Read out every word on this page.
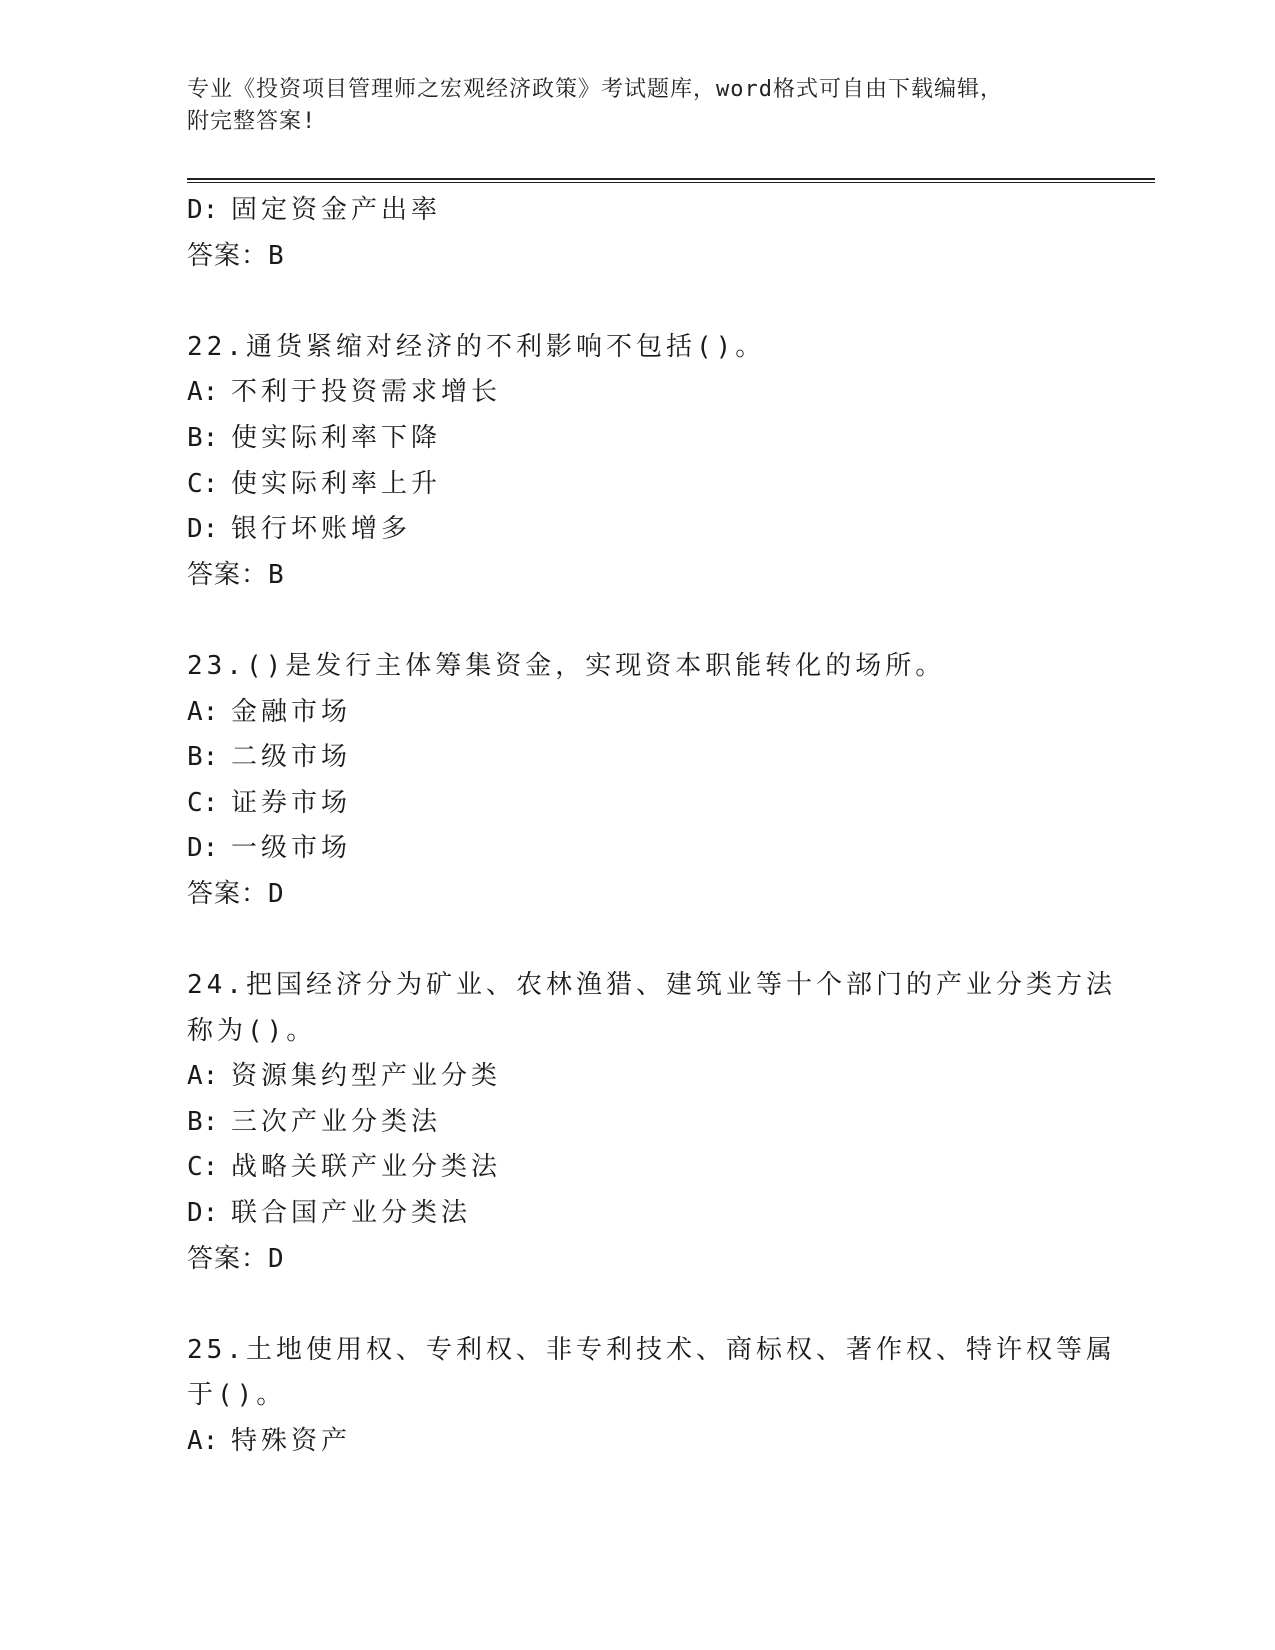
专业《投资项目管理师之宏观经济政策》考试题库，word格式可自由下载编辑，
附完整答案!
D: 固定资金产出率
答案：B
22.通货紧缩对经济的不利影响不包括()。
A: 不利于投资需求增长
B: 使实际利率下降
C: 使实际利率上升
D: 银行坏账增多
答案：B
23.()是发行主体筹集资金，实现资本职能转化的场所。
A: 金融市场
B: 二级市场
C: 证券市场
D: 一级市场
答案：D
24.把国经济分为矿业、农林渔猎、建筑业等十个部门的产业分类方法
称为()。
A: 资源集约型产业分类
B: 三次产业分类法
C: 战略关联产业分类法
D: 联合国产业分类法
答案：D
25.土地使用权、专利权、非专利技术、商标权、著作权、特许权等属
于()。
A: 特殊资产
